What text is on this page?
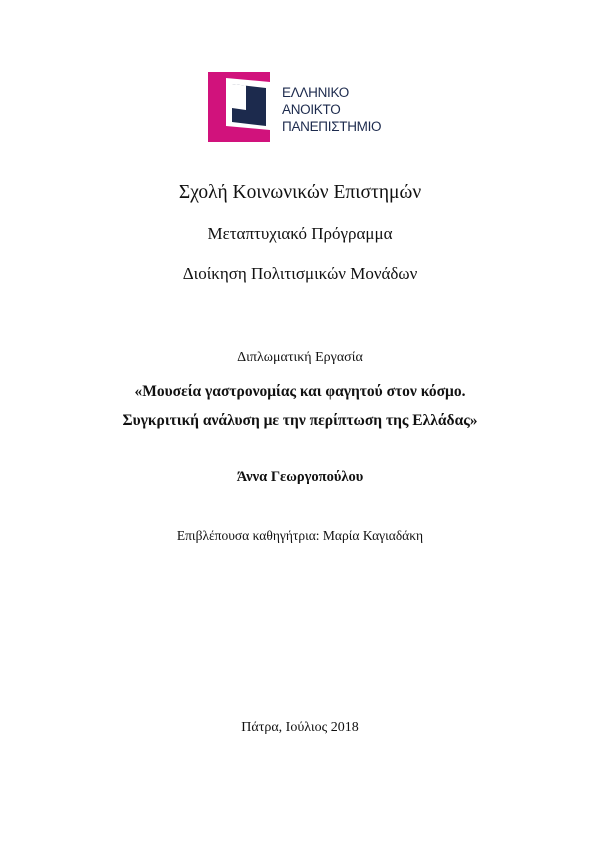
ΕΛΛΗΝΙΚΟ
ΑΝΟΙΚΤΟ
ΠΑΝΕΠΙΣΤΗΜΙΟ
Σχολή Κοινωνικών Επιστημών
Μεταπτυχιακό Πρόγραμμα
Διοίκηση Πολιτισμικών Μονάδων
Διπλωματική Εργασία
«Μουσεία γαστρονομίας και φαγητού στον κόσμο.
Συγκριτική ανάλυση με την περίπτωση της Ελλάδας»
Άννα Γεωργοπούλου
Επιβλέπουσα καθηγήτρια: Μαρία Καγιαδάκη
Πάτρα, Ιούλιος 2018
